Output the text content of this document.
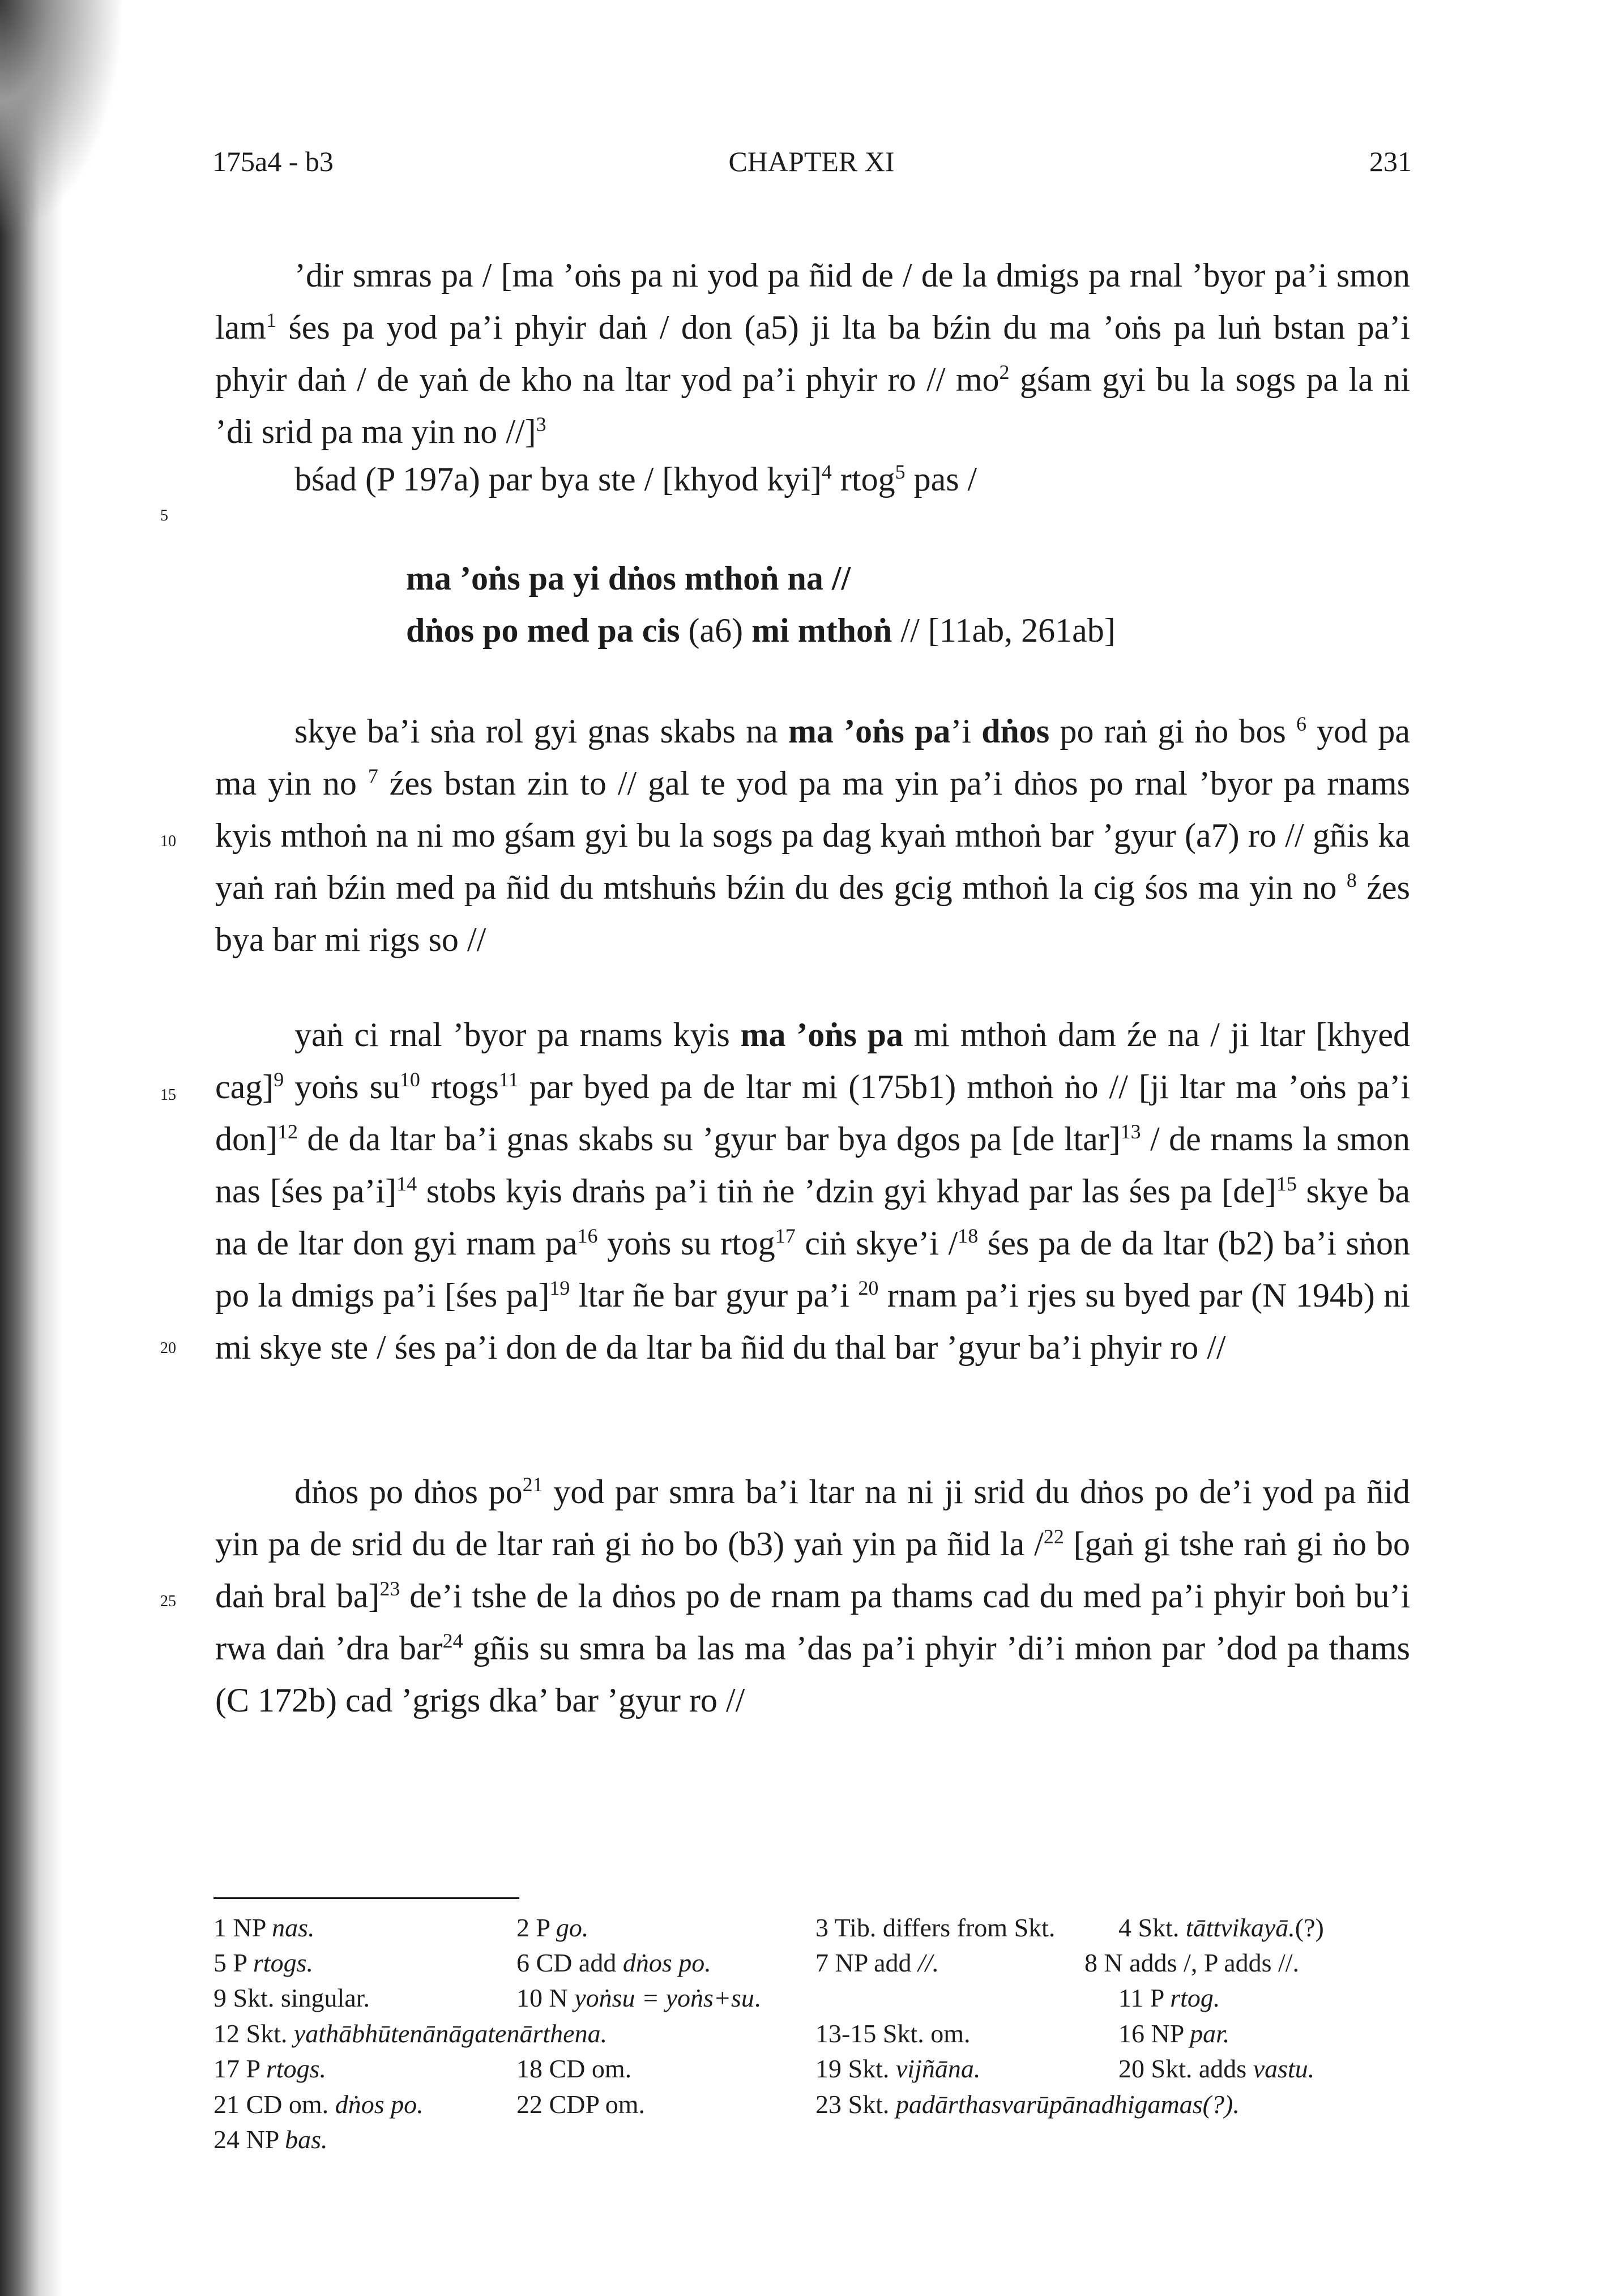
175a4 - b3	CHAPTER XI	231
5
10
15
20
25

’dir smras pa / [ma ’oṅs pa ni yod pa ñid de / de la dmigs pa rnal ’byor pa’i smon lam$^1$ śes pa yod pa’i phyir daṅ / don (a5) ji lta ba bźin du ma ’oṅs pa luṅ bstan pa’i phyir daṅ / de yaṅ de kho na ltar yod pa’i phyir ro // $mo^2$ gśam gyi bu la sogs pa la ni ’di srid pa ma yin no //]$^3$

bśad (P 197a) par bya ste / [khyod kyi]$^4$ rtog$^5$ pas /

ma ’oṅs pa yi dṅos mthoṅ na //
dṅos po med pa cis (a6) mi mthoṅ // [11ab, 261ab]

skye ba’i sṅa rol gyi gnas skabs na ma ’oṅs pa’i dṅos po raṅ gi ṅo bos $^6$ yod pa ma yin no $^7$ źes bstan zin to // gal te yod pa ma yin pa’i dṅos po rnal ’byor pa rnams kyis mthoṅ na ni mo gśam gyi bu la sogs pa dag kyaṅ mthoṅ bar ’gyur (a7) ro // gñis ka yaṅ raṅ bźin med pa ñid du mtshuṅs bźin du des gcig mthoṅ la cig śos ma yin no $^8$ źes bya bar mi rigs so //

yaṅ ci rnal ’byor pa rnams kyis ma ’oṅs pa mi mthoṅ dam źe na / ji ltar [khyed cag]$^9$ yoṅs $su^{10}$ rtogs$^{11}$ par byed pa de ltar mi (175b1) mthoṅ ṅo // [ji ltar ma ’oṅs pa’i don]$^{12}$ de da ltar ba’i gnas skabs su ’gyur bar bya dgos pa [de ltar]$^{13}$ / de rnams la smon nas [śes pa’i]$^{14}$ stobs kyis draṅs pa’i tiṅ ṅe ’dzin gyi khyad par las śes pa [de]$^{15}$ skye ba na de ltar don gyi rnam $pa^{16}$ yoṅs su rtog$^{17}$ ciṅ skye’i /$^{18}$ śes pa de da ltar (b2) ba’i sṅon po la dmigs pa’i [śes pa]$^{19}$ ltar ñe bar gyur pa’i $^{20}$ rnam pa’i rjes su byed par (N 194b) ni mi skye ste / śes pa’i don de da ltar ba ñid du thal bar ’gyur ba’i phyir ro //

dṅos po dṅos $po^{21}$ yod par smra ba’i ltar na ni ji srid du dṅos po de’i yod pa ñid yin pa de srid du de ltar raṅ gi ṅo bo (b3) yaṅ yin pa ñid la /$^{22}$ [gaṅ gi tshe raṅ gi ṅo bo daṅ bral ba]$^{23}$ de’i tshe de la dṅos po de rnam pa thams cad du med pa’i phyir boṅ bu’i rwa daṅ ’dra bar$^{24}$ gñis su smra ba las ma ’das pa’i phyir ’di’i mṅon par ’dod pa thams (C 172b) cad ’grigs dka’ bar ’gyur ro //

1 NP nas.	2 P go.	3 Tib. differs from Skt. 4 Skt. tāttvikayā.(?)
5 P rtogs.	6 CD add dṅos po.	7 NP add //.	8 N adds /, P adds //.
9 Skt. singular.	10 N yoṅsu = yoṅs+su.	11 P rtog.
12 Skt. yathābhūtenānāgatenārthena.	13-15 Skt. om.	16 NP par.
17 P rtogs.	18 CD om.	19 Skt. vijñāna.	20 Skt. adds vastu.
21 CD om. dṅos po.	22 CDP om.	23 Skt. padārthasvarūpānadhigamas(?).
24 NP bas.
